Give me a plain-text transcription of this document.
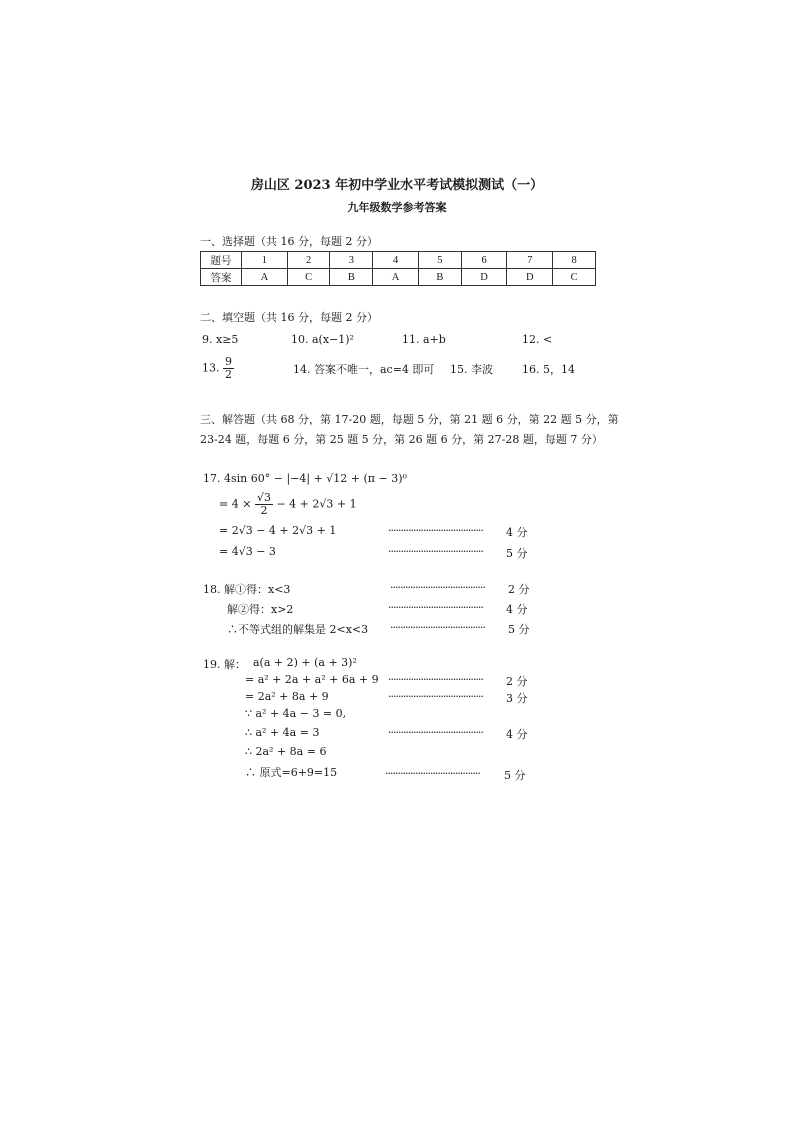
房山区 2023 年初中学业水平考试模拟测试（一）
九年级数学参考答案
一、选择题（共 16 分，每题 2 分）
题号	1	2	3	4	5	6	7	8
答案	A	C	B	A	B	D	D	C
二、填空题（共 16 分，每题 2 分）
9. x≥5	10. a(x−1)²	11. a+b	12. <
13. $\frac{9}{2}$	14. 答案不唯一，ac=4 即可 15. 李波	16. 5，14
三、解答题（共 68 分，第 17-20 题，每题 5 分，第 21 题 6 分，第 22 题 5 分，第 23-24 题，每题 6 分，第 25 题 5 分，第 26 题 6 分，第 27-28 题，每题 7 分）
17. 4sin 60° − |−4| + √12 + (π − 3)⁰
= $4 \times \frac{√3}{2} - 4 + 2√3 + 1$
= 2√3 − 4 + 2√3 + 1	······································ 4 分
= 4√3 − 3	······································ 5 分
18. 解①得：x<3	······································ 2 分
解②得：x>2	······································ 4 分
∴不等式组的解集是 2<x<3 ······································ 5 分
19. 解： a(a + 2) + (a + 3)²
= a² + 2a + a² + 6a + 9 ······································ 2 分
= 2a² + 8a + 9	······································ 3 分
∵ a² + 4a − 3 = 0,
∴ a² + 4a = 3	······································ 4 分
∴ 2a² + 8a = 6
∴ 原式=6+9=15	······································ 5 分
